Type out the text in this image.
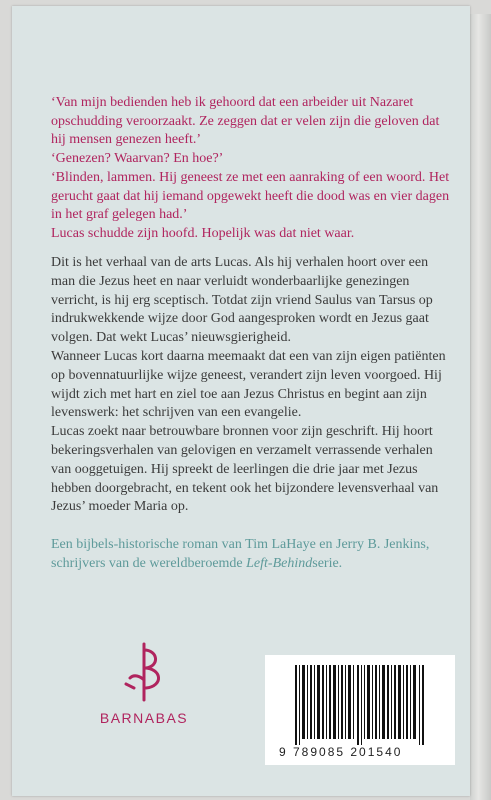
‘Van mijn bedienden heb ik gehoord dat een arbeider uit Nazaret opschudding veroorzaakt. Ze zeggen dat er velen zijn die geloven dat hij mensen genezen heeft.’

‘Genezen? Waarvan? En hoe?’

‘Blinden, lammen. Hij geneest ze met een aanraking of een woord. Het gerucht gaat dat hij iemand opgewekt heeft die dood was en vier dagen in het graf gelegen had.’

Lucas schudde zijn hoofd. Hopelijk was dat niet waar.

Dit is het verhaal van de arts Lucas. Als hij verhalen hoort over een man die Jezus heet en naar verluidt wonderbaarlijke genezingen verricht, is hij erg sceptisch. Totdat zijn vriend Saulus van Tarsus op indrukwekkende wijze door God aangesproken wordt en Jezus gaat volgen. Dat wekt Lucas’ nieuwsgierigheid.

Wanneer Lucas kort daarna meemaakt dat een van zijn eigen patiënten op bovennatuurlijke wijze geneest, verandert zijn leven voorgoed. Hij wijdt zich met hart en ziel toe aan Jezus Christus en begint aan zijn levenswerk: het schrijven van een evangelie.

Lucas zoekt naar betrouwbare bronnen voor zijn geschrift. Hij hoort bekeringsverhalen van gelovigen en verzamelt verrassende verhalen van ooggetuigen. Hij spreekt de leerlingen die drie jaar met Jezus hebben doorgebracht, en tekent ook het bijzondere levensverhaal van Jezus’ moeder Maria op.

Een bijbels-historische roman van Tim LaHaye en Jerry B. Jenkins,
schrijvers van de wereldberoemde Left-Behindserie.
BARNABAS
9 789085 201540
